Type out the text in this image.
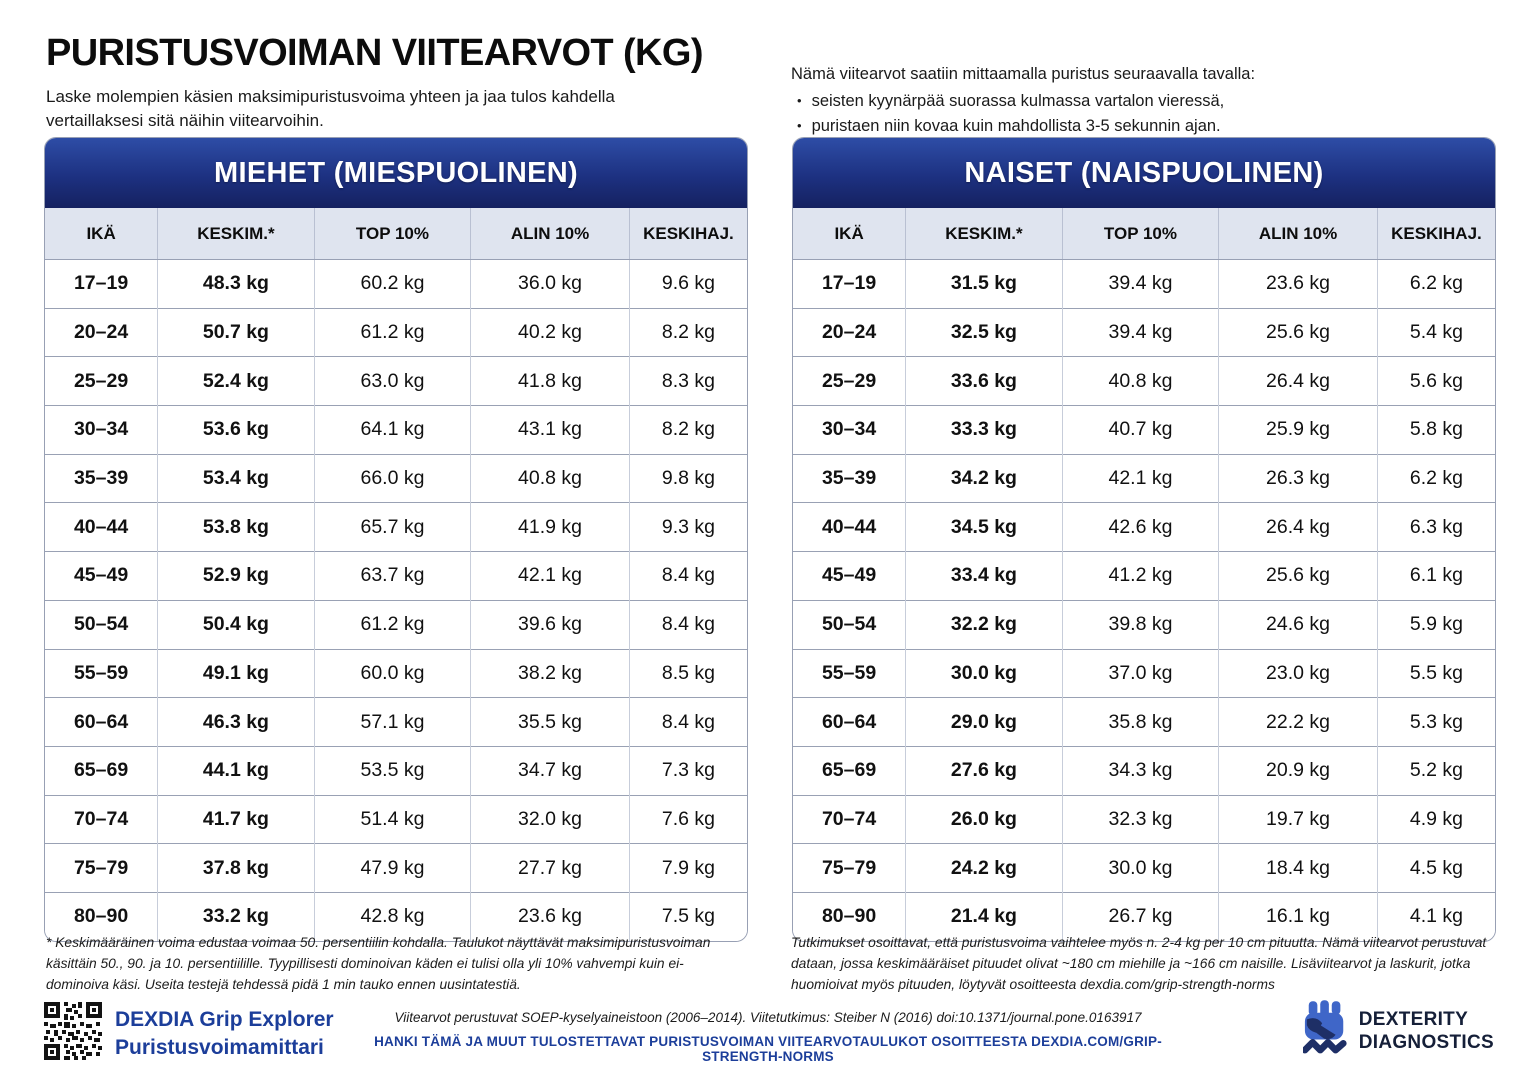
PURISTUSVOIMAN VIITEARVOT (KG)
Laske molempien käsien maksimipuristusvoima yhteen ja jaa tulos kahdella vertaillaksesi sitä näihin viitearvoihin.
Nämä viitearvot saatiin mittaamalla puristus seuraavalla tavalla:
• seisten kyynärpää suorassa kulmassa vartalon vieressä,
• puristaen niin kovaa kuin mahdollista 3-5 sekunnin ajan.
MIEHET (MIESPUOLINEN)
IKÄ	KESKIM.*	TOP 10%	ALIN 10%	KESKIHAJ.
17–19	48.3 kg	60.2 kg	36.0 kg	9.6 kg
20–24	50.7 kg	61.2 kg	40.2 kg	8.2 kg
25–29	52.4 kg	63.0 kg	41.8 kg	8.3 kg
30–34	53.6 kg	64.1 kg	43.1 kg	8.2 kg
35–39	53.4 kg	66.0 kg	40.8 kg	9.8 kg
40–44	53.8 kg	65.7 kg	41.9 kg	9.3 kg
45–49	52.9 kg	63.7 kg	42.1 kg	8.4 kg
50–54	50.4 kg	61.2 kg	39.6 kg	8.4 kg
55–59	49.1 kg	60.0 kg	38.2 kg	8.5 kg
60–64	46.3 kg	57.1 kg	35.5 kg	8.4 kg
65–69	44.1 kg	53.5 kg	34.7 kg	7.3 kg
70–74	41.7 kg	51.4 kg	32.0 kg	7.6 kg
75–79	37.8 kg	47.9 kg	27.7 kg	7.9 kg
80–90	33.2 kg	42.8 kg	23.6 kg	7.5 kg
NAISET (NAISPUOLINEN)
IKÄ	KESKIM.*	TOP 10%	ALIN 10%	KESKIHAJ.
17–19	31.5 kg	39.4 kg	23.6 kg	6.2 kg
20–24	32.5 kg	39.4 kg	25.6 kg	5.4 kg
25–29	33.6 kg	40.8 kg	26.4 kg	5.6 kg
30–34	33.3 kg	40.7 kg	25.9 kg	5.8 kg
35–39	34.2 kg	42.1 kg	26.3 kg	6.2 kg
40–44	34.5 kg	42.6 kg	26.4 kg	6.3 kg
45–49	33.4 kg	41.2 kg	25.6 kg	6.1 kg
50–54	32.2 kg	39.8 kg	24.6 kg	5.9 kg
55–59	30.0 kg	37.0 kg	23.0 kg	5.5 kg
60–64	29.0 kg	35.8 kg	22.2 kg	5.3 kg
65–69	27.6 kg	34.3 kg	20.9 kg	5.2 kg
70–74	26.0 kg	32.3 kg	19.7 kg	4.9 kg
75–79	24.2 kg	30.0 kg	18.4 kg	4.5 kg
80–90	21.4 kg	26.7 kg	16.1 kg	4.1 kg
* Keskimääräinen voima edustaa voimaa 50. persentiilin kohdalla. Taulukot näyttävät maksimipuristusvoiman käsittäin 50., 90. ja 10. persentiilille. Tyypillisesti dominoivan käden ei tulisi olla yli 10% vahvempi kuin ei-dominoiva käsi. Useita testejä tehdessä pidä 1 min tauko ennen uusintatestiä.
Tutkimukset osoittavat, että puristusvoima vaihtelee myös n. 2-4 kg per 10 cm pituutta. Nämä viitearvot perustuvat dataan, jossa keskimääräiset pituudet olivat ~180 cm miehille ja ~166 cm naisille. Lisäviitearvot ja laskurit, jotka huomioivat myös pituuden, löytyvät osoitteesta dexdia.com/grip-strength-norms
DEXDIA Grip Explorer
Puristusvoimamittari
Viitearvot perustuvat SOEP-kyselyaineistoon (2006–2014). Viitetutkimus: Steiber N (2016) doi:10.1371/journal.pone.0163917
HANKI TÄMÄ JA MUUT TULOSTETTAVAT PURISTUSVOIMAN VIITEARVOTAULUKOT OSOITTEESTA DEXDIA.COM/GRIP-STRENGTH-NORMS
DEXTERITY
DIAGNOSTICS
